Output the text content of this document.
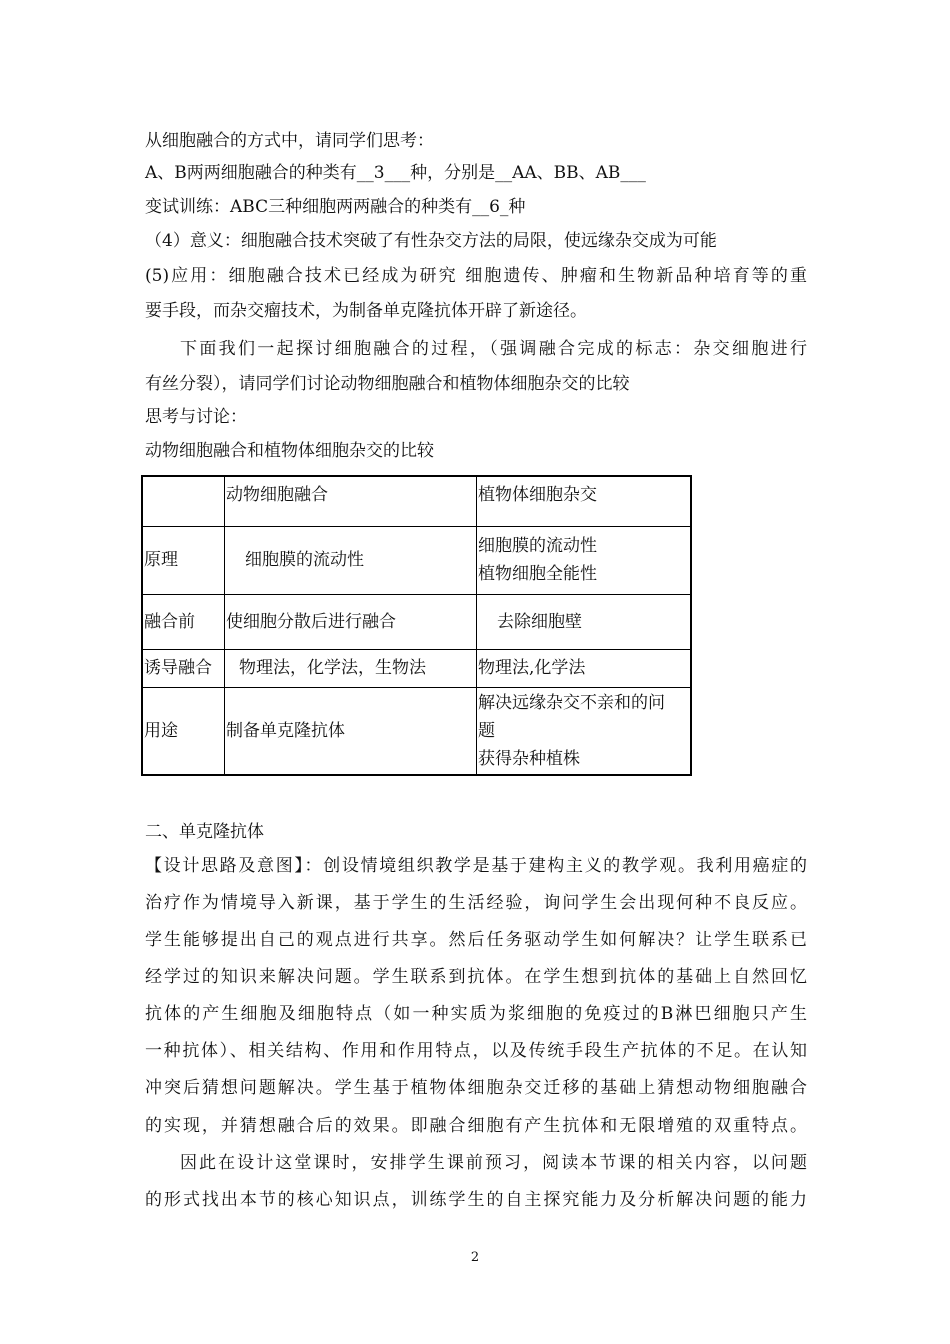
从细胞融合的方式中，请同学们思考：
A、B两两细胞融合的种类有__3___种，分别是__AA、BB、AB___
变试训练：ABC三种细胞两两融合的种类有__6_种
（4）意义：细胞融合技术突破了有性杂交方法的局限，使远缘杂交成为可能
(5)应用：细胞融合技术已经成为研究 细胞遗传、肿瘤和生物新品种培育等的重
要手段，而杂交瘤技术，为制备单克隆抗体开辟了新途径。
下面我们一起探讨细胞融合的过程，（强调融合完成的标志：杂交细胞进行
有丝分裂），请同学们讨论动物细胞融合和植物体细胞杂交的比较
思考与讨论：
动物细胞融合和植物体细胞杂交的比较
	动物细胞融合	植物体细胞杂交
原理	细胞膜的流动性	细胞膜的流动性
植物细胞全能性

融合前	使细胞分散后进行融合	去除细胞壁

诱导融合	物理法，化学法，生物法	物理法,化学法

用途	制备单克隆抗体	解决远缘杂交不亲和的问
题
获得杂种植株
二、单克隆抗体
【设计思路及意图】：创设情境组织教学是基于建构主义的教学观。我利用癌症的
治疗作为情境导入新课，基于学生的生活经验，询问学生会出现何种不良反应。
学生能够提出自己的观点进行共享。然后任务驱动学生如何解决？让学生联系已
经学过的知识来解决问题。学生联系到抗体。在学生想到抗体的基础上自然回忆
抗体的产生细胞及细胞特点（如一种实质为浆细胞的免疫过的B淋巴细胞只产生
一种抗体）、相关结构、作用和作用特点，以及传统手段生产抗体的不足。在认知
冲突后猜想问题解决。学生基于植物体细胞杂交迁移的基础上猜想动物细胞融合
的实现，并猜想融合后的效果。即融合细胞有产生抗体和无限增殖的双重特点。
因此在设计这堂课时，安排学生课前预习，阅读本节课的相关内容，以问题
的形式找出本节的核心知识点，训练学生的自主探究能力及分析解决问题的能力
2
